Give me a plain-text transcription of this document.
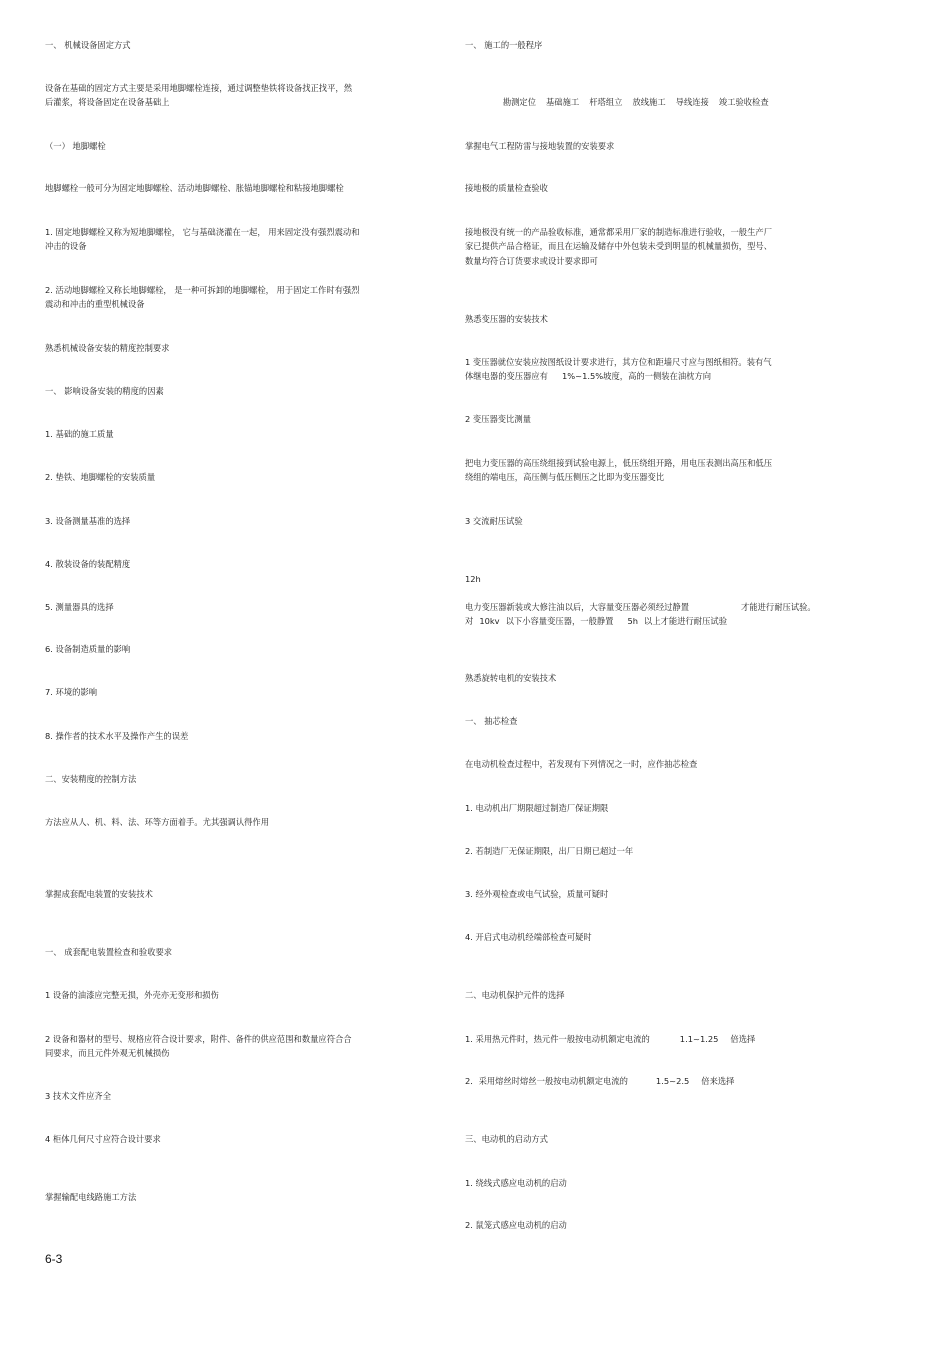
一、 机械设备固定方式
设备在基础的固定方式主要是采用地脚螺栓连接，通过调整垫铁将设备找正找平，然
后灌浆，将设备固定在设备基础上
（一） 地脚螺栓
地脚螺栓一般可分为固定地脚螺栓、活动地脚螺栓、胀锚地脚螺栓和粘接地脚螺栓
1. 固定地脚螺栓又称为短地脚螺栓， 它与基础浇灌在一起， 用来固定没有强烈震动和
冲击的设备
2. 活动地脚螺栓又称长地脚螺栓， 是一种可拆卸的地脚螺栓， 用于固定工作时有强烈
震动和冲击的重型机械设备
熟悉机械设备安装的精度控制要求
一、 影响设备安装的精度的因素
1. 基础的施工质量
2. 垫铁、地脚螺栓的安装质量
3. 设备测量基准的选择
4. 散装设备的装配精度
5. 测量器具的选择
6. 设备制造质量的影响
7. 环境的影响
8. 操作者的技术水平及操作产生的误差
二、安装精度的控制方法
方法应从人、机、料、法、环等方面着手。尤其强调认得作用
掌握成套配电装置的安装技术
一、 成套配电装置检查和验收要求
1 设备的油漆应完整无损，外壳亦无变形和损伤
2 设备和器材的型号、规格应符合设计要求，附件、备件的供应范围和数量应符合合
同要求，而且元件外观无机械损伤
3 技术文件应齐全
4 柜体几何尺寸应符合设计要求
掌握输配电线路施工方法
一、 施工的一般程序

勘测定位 基础施工 杆塔组立 放线施工 导线连接 竣工验收检查

掌握电气工程防雷与接地装置的安装要求
接地极的质量检查验收
接地极没有统一的产品验收标准，通常都采用厂家的制造标准进行验收，一般生产厂
家已提供产品合格证，而且在运输及储存中外包装未受到明显的机械量损伤，型号、
数量均符合订货要求或设计要求即可
熟悉变压器的安装技术
1 变压器就位安装应按图纸设计要求进行，其方位和距墙尺寸应与图纸相符。装有气
体继电器的变压器应有 1%~1.5%坡度，高的一侧装在油枕方向
2 变压器变比测量
把电力变压器的高压绕组接到试验电源上，低压绕组开路，用电压表测出高压和低压
绕组的端电压，高压侧与低压侧压之比即为变压器变比
3 交流耐压试验
12h
电力变压器新装或大修注油以后，大容量变压器必须经过静置	才能进行耐压试验。
对 10kv 以下小容量变压器，一般静置 5h 以上才能进行耐压试验
熟悉旋转电机的安装技术
一、 抽芯检查
在电动机检查过程中，若发现有下列情况之一时，应作抽芯检查
1. 电动机出厂期限超过制造厂保证期限
2. 若制造厂无保证期限，出厂日期已超过一年
3. 经外观检查或电气试验，质量可疑时
4. 开启式电动机经端部检查可疑时
二、电动机保护元件的选择
1. 采用热元件时，热元件一般按电动机额定电流的	1.1~1.25 倍选择
2．采用熔丝时熔丝一般按电动机额定电流的	1.5~2.5 倍来选择
三、电动机的启动方式
1. 绕线式感应电动机的启动
2. 鼠笼式感应电动机的启动
6-3
